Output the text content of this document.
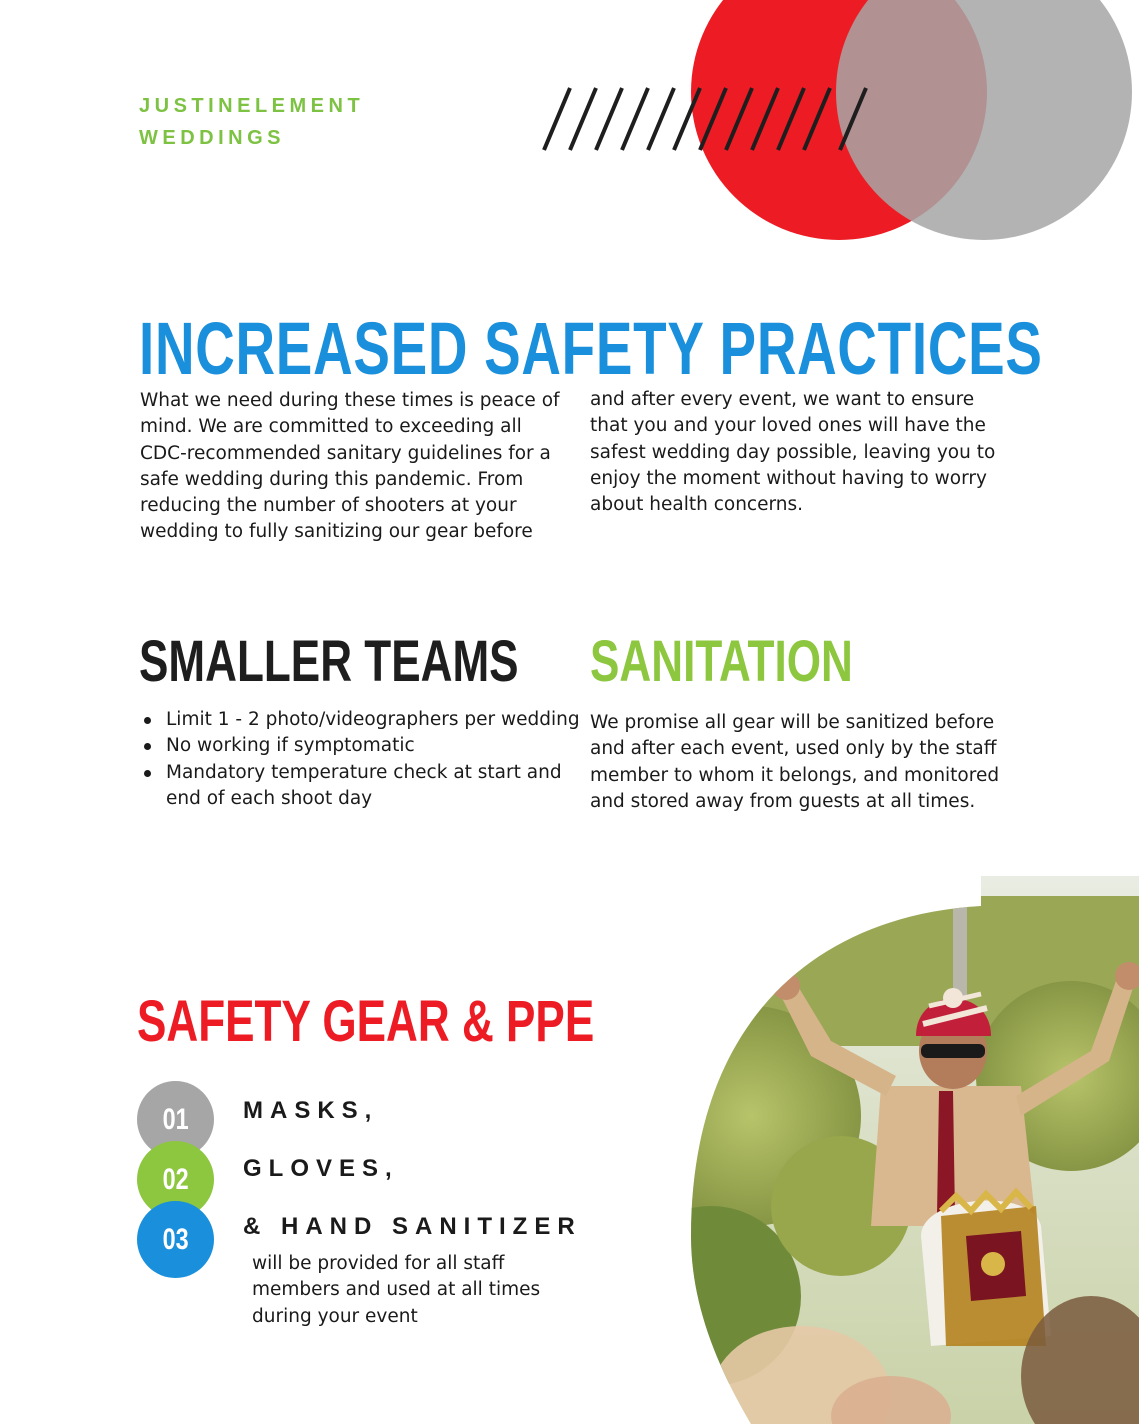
JUSTINELEMENT
WEDDINGS
INCREASED SAFETY PRACTICES
What we need during these times is peace of mind. We are committed to exceeding all CDC-recommended sanitary guidelines for a safe wedding during this pandemic. From reducing the number of shooters at your wedding to fully sanitizing our gear before
and after every event, we want to ensure that you and your loved ones will have the safest wedding day possible, leaving you to enjoy the moment without having to worry about health concerns.
SMALLER TEAMS
Limit 1 - 2 photo/videographers per wedding
No working if symptomatic
Mandatory temperature check at start and end of each shoot day
SANITATION
We promise all gear will be sanitized before and after each event, used only by the staff member to whom it belongs, and monitored and stored away from guests at all times.
SAFETY GEAR & PPE
01
02
03
MASKS,
GLOVES,
& HAND SANITIZER
will be provided for all staff members and used at all times during your event
